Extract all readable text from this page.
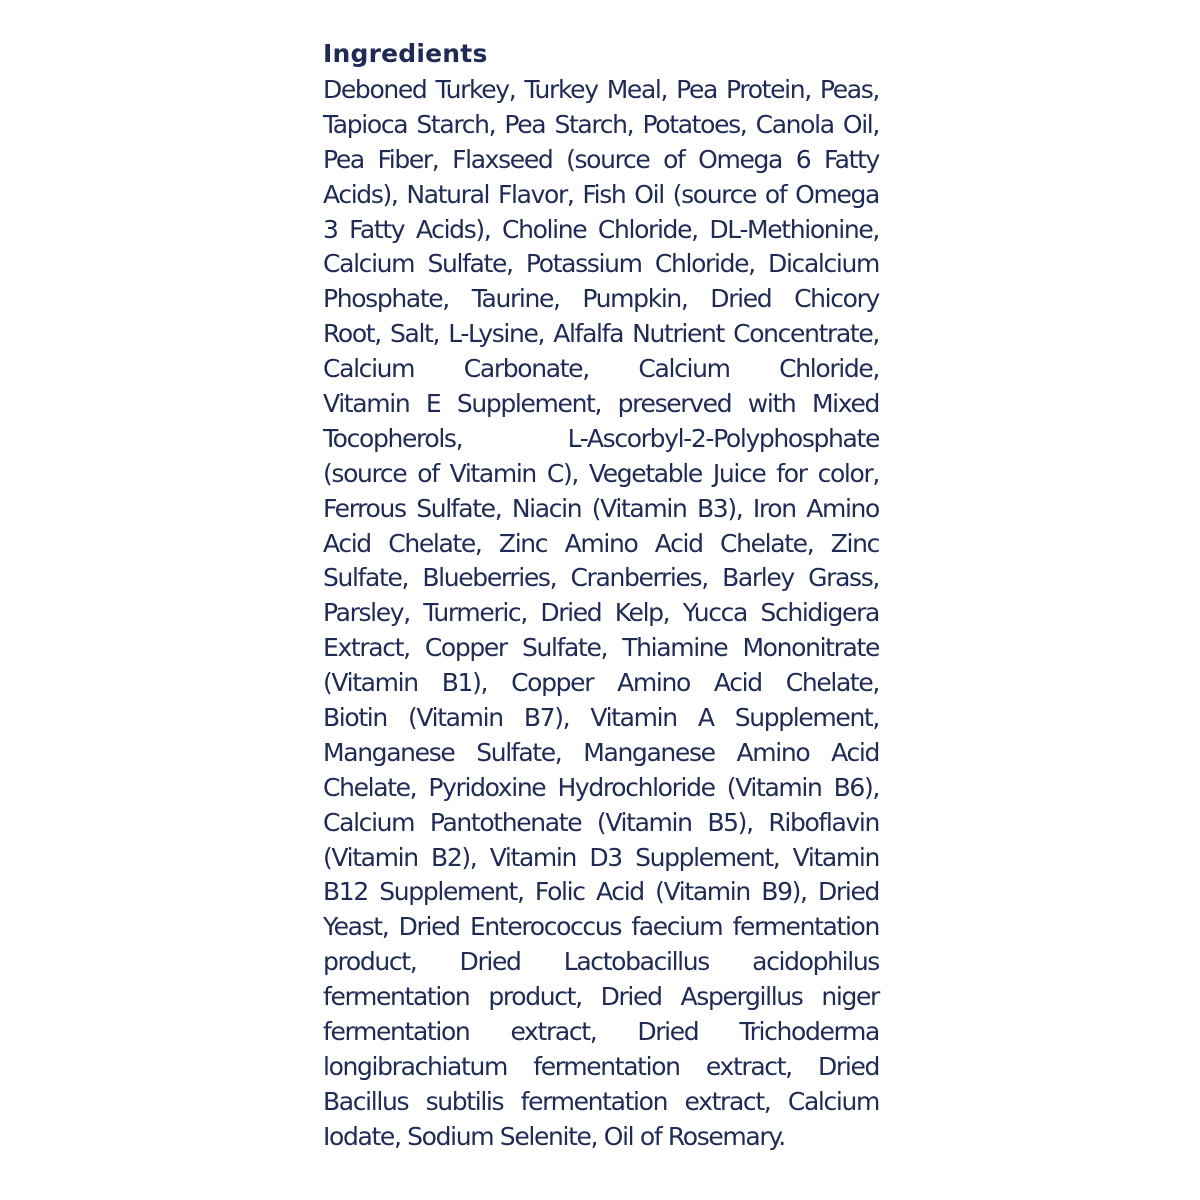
Ingredients
Deboned Turkey, Turkey Meal, Pea Protein, Peas,
Tapioca Starch, Pea Starch, Potatoes, Canola Oil,
Pea Fiber, Flaxseed (source of Omega 6 Fatty
Acids), Natural Flavor, Fish Oil (source of Omega
3 Fatty Acids), Choline Chloride, DL-Methionine,
Calcium Sulfate, Potassium Chloride, Dicalcium
Phosphate, Taurine, Pumpkin, Dried Chicory
Root, Salt, L-Lysine, Alfalfa Nutrient Concentrate,
Calcium Carbonate, Calcium Chloride,
Vitamin E Supplement, preserved with Mixed
Tocopherols, L-Ascorbyl-2-Polyphosphate
(source of Vitamin C), Vegetable Juice for color,
Ferrous Sulfate, Niacin (Vitamin B3), Iron Amino
Acid Chelate, Zinc Amino Acid Chelate, Zinc
Sulfate, Blueberries, Cranberries, Barley Grass,
Parsley, Turmeric, Dried Kelp, Yucca Schidigera
Extract, Copper Sulfate, Thiamine Mononitrate
(Vitamin B1), Copper Amino Acid Chelate,
Biotin (Vitamin B7), Vitamin A Supplement,
Manganese Sulfate, Manganese Amino Acid
Chelate, Pyridoxine Hydrochloride (Vitamin B6),
Calcium Pantothenate (Vitamin B5), Riboflavin
(Vitamin B2), Vitamin D3 Supplement, Vitamin
B12 Supplement, Folic Acid (Vitamin B9), Dried
Yeast, Dried Enterococcus faecium fermentation
product, Dried Lactobacillus acidophilus
fermentation product, Dried Aspergillus niger
fermentation extract, Dried Trichoderma
longibrachiatum fermentation extract, Dried
Bacillus subtilis fermentation extract, Calcium
Iodate, Sodium Selenite, Oil of Rosemary.
